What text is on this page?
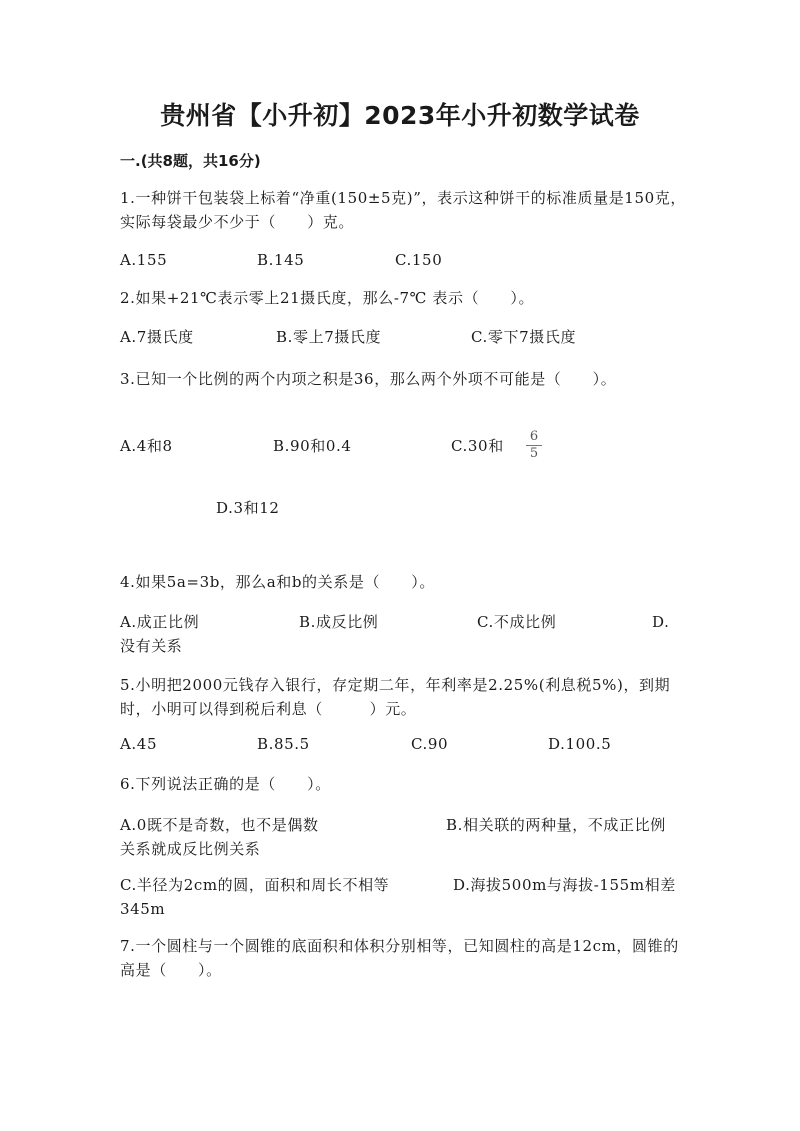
贵州省【小升初】2023年小升初数学试卷
一.(共8题，共16分)
1.一种饼干包装袋上标着“净重(150±5克)”，表示这种饼干的标准质量是150克，实际每袋最少不少于（　　）克。
A.155	B.145	C.150
2.如果+21℃表示零上21摄氏度，那么-7℃ 表示（　　）。
A.7摄氏度	B.零上7摄氏度	C.零下7摄氏度
3.已知一个比例的两个内项之积是36，那么两个外项不可能是（　　）。
A.4和8	B.90和0.4	C.30和 $\frac{6}{5}$
D.3和12
4.如果5a=3b，那么a和b的关系是（　　）。
A.成正比例	B.成反比例	C.不成比例	D.
没有关系
5.小明把2000元钱存入银行，存定期二年，年利率是2.25%(利息税5%)，到期时，小明可以得到税后利息（　　　）元。
A.45	B.85.5	C.90	D.100.5
6.下列说法正确的是（　　）。
A.0既不是奇数，也不是偶数	B.相关联的两种量，不成正比例
关系就成反比例关系
C.半径为2cm的圆，面积和周长不相等	D.海拔500m与海拔-155m相差
345m
7.一个圆柱与一个圆锥的底面积和体积分别相等，已知圆柱的高是12cm，圆锥的高是（　　）。
